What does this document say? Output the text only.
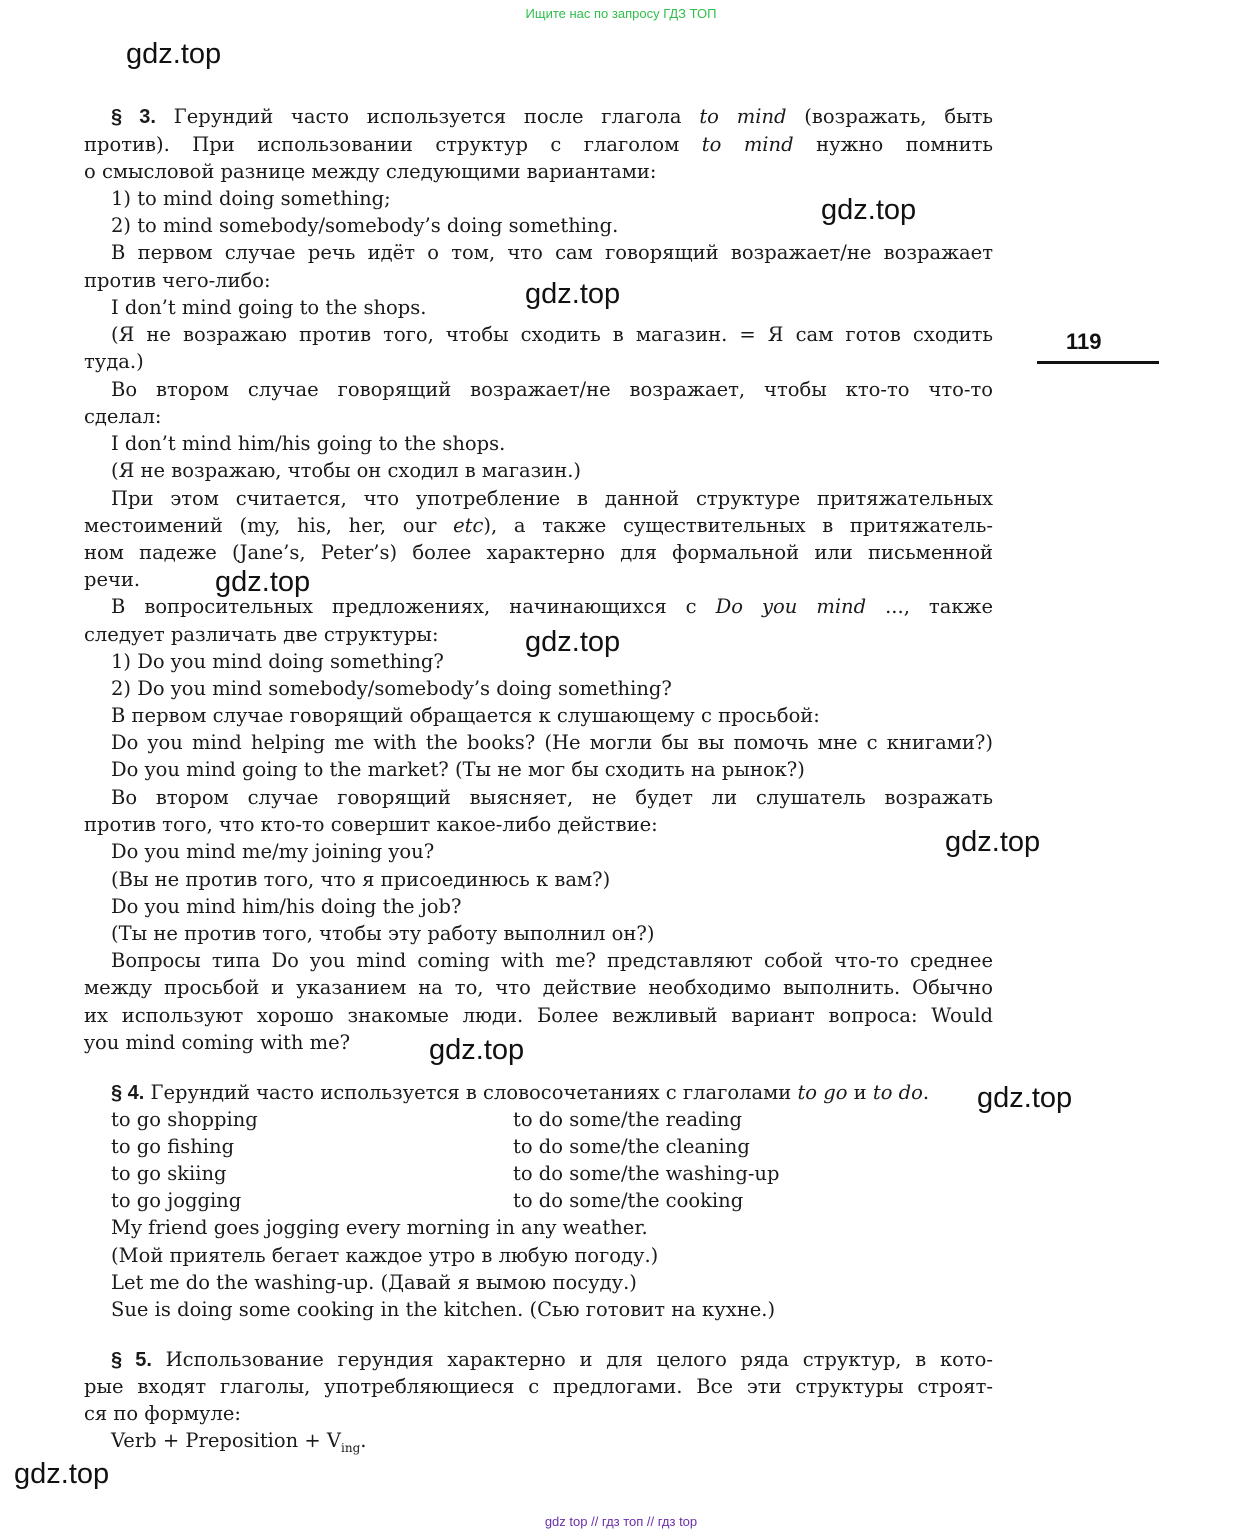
Ищите нас по запросу ГДЗ ТОП
§ 3. Герундий часто используется после глагола to mind (возражать, быть
против). При использовании структур с глаголом to mind нужно помнить
о смысловой разнице между следующими вариантами:
1) to mind doing something;
2) to mind somebody/somebody’s doing something.
В первом случае речь идёт о том, что сам говорящий возражает/не возражает
против чего-либо:
I don’t mind going to the shops.
(Я не возражаю против того, чтобы сходить в магазин. = Я сам готов сходить
туда.)
Во втором случае говорящий возражает/не возражает, чтобы кто-то что-то
сделал:
I don’t mind him/his going to the shops.
(Я не возражаю, чтобы он сходил в магазин.)
При этом считается, что употребление в данной структуре притяжательных
местоимений (my, his, her, our etc), а также существительных в притяжатель-
ном падеже (Jane’s, Peter’s) более характерно для формальной или письменной
речи.
В вопросительных предложениях, начинающихся с Do you mind ..., также
следует различать две структуры:
1) Do you mind doing something?
2) Do you mind somebody/somebody’s doing something?
В первом случае говорящий обращается к слушающему с просьбой:
Do you mind helping me with the books? (Не могли бы вы помочь мне с книгами?)
Do you mind going to the market? (Ты не мог бы сходить на рынок?)
Во втором случае говорящий выясняет, не будет ли слушатель возражать
против того, что кто-то совершит какое-либо действие:
Do you mind me/my joining you?
(Вы не против того, что я присоединюсь к вам?)
Do you mind him/his doing the job?
(Ты не против того, чтобы эту работу выполнил он?)
Вопросы типа Do you mind coming with me? представляют собой что-то среднее
между просьбой и указанием на то, что действие необходимо выполнить. Обычно
их используют хорошо знакомые люди. Более вежливый вариант вопроса: Would
you mind coming with me?
§ 4. Герундий часто используется в словосочетаниях с глаголами to go и to do.
to go shopping	to do some/the reading
to go fishing	to do some/the cleaning
to go skiing	to do some/the washing-up
to go jogging	to do some/the cooking
My friend goes jogging every morning in any weather.
(Мой приятель бегает каждое утро в любую погоду.)
Let me do the washing-up. (Давай я вымою посуду.)
Sue is doing some cooking in the kitchen. (Сью готовит на кухне.)
§ 5. Использование герундия характерно и для целого ряда структур, в кото-
рые входят глаголы, употребляющиеся с предлогами. Все эти структуры строят-
ся по формуле:
Verb + Preposition + $V_{ing}$.
gdz.top
gdz.top
gdz.top
gdz.top
gdz.top
gdz.top
gdz.top
gdz.top
gdz.top
119
gdz top // гдз топ // гдз top
